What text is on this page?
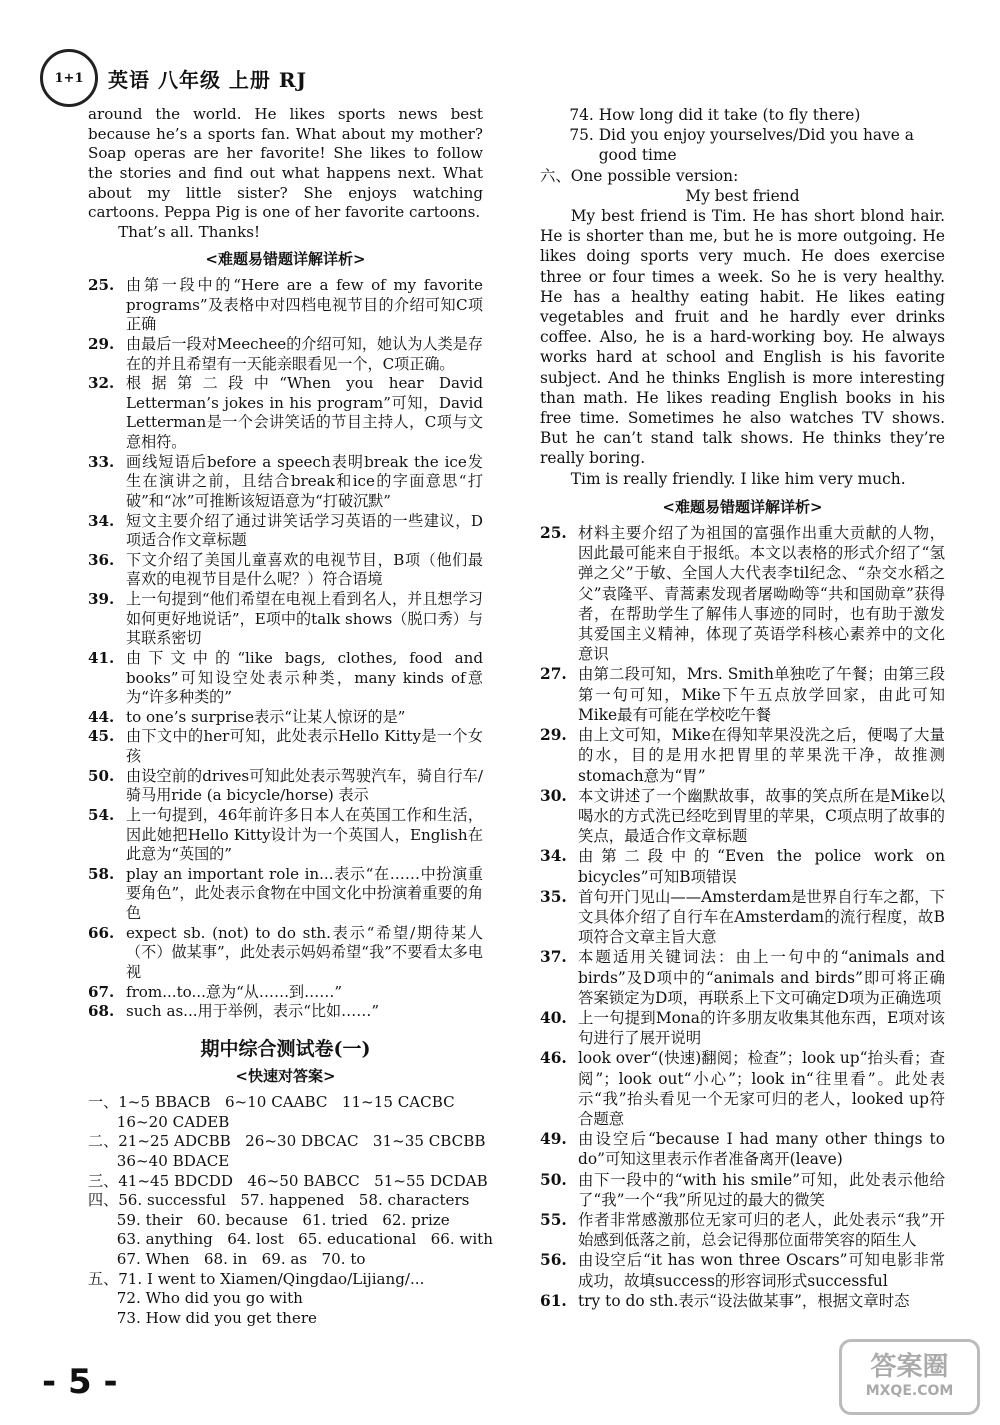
1+1	英语 八年级 上册 RJ

around the world. He likes sports news best because he’s a sports fan. What about my mother? Soap operas are her favorite! She likes to follow the stories and find out what happens next. What about my little sister? She enjoys watching cartoons. Peppa Pig is one of her favorite cartoons.

That’s all. Thanks!

<难题易错题详解详析>
25. 由第一段中的“Here are a few of my favorite programs”及表格中对四档电视节目的介绍可知C项正确
29. 由最后一段对Meechee的介绍可知，她认为人类是存在的并且希望有一天能亲眼看见一个，C项正确。
32. 根据第二段中“When you hear David Letterman’s jokes in his program”可知，David Letterman是一个会讲笑话的节目主持人，C项与文意相符。
33. 画线短语后before a speech表明break the ice发生在演讲之前，且结合break和ice的字面意思“打破”和“冰”可推断该短语意为“打破沉默”
34. 短文主要介绍了通过讲笑话学习英语的一些建议，D项适合作文章标题
36. 下文介绍了美国儿童喜欢的电视节目，B项（他们最喜欢的电视节目是什么呢？）符合语境
39. 上一句提到“他们希望在电视上看到名人，并且想学习如何更好地说话”，E项中的talk shows（脱口秀）与其联系密切
41. 由下文中的“like bags, clothes, food and books”可知设空处表示种类，many kinds of意为“许多种类的”
44. to one’s surprise表示“让某人惊讶的是”
45. 由下文中的her可知，此处表示Hello Kitty是一个女孩
50. 由设空前的drives可知此处表示驾驶汽车，骑自行车/骑马用ride (a bicycle/horse) 表示
54. 上一句提到，46年前许多日本人在英国工作和生活，因此她把Hello Kitty设计为一个英国人，English在此意为“英国的”
58. play an important role in...表示“在……中扮演重要角色”，此处表示食物在中国文化中扮演着重要的角色
66. expect sb. (not) to do sth.表示“希望/期待某人（不）做某事”，此处表示妈妈希望“我”不要看太多电视
67. from...to...意为“从……到……”
68. such as...用于举例，表示“比如……”
期中综合测试卷(一)
<快速对答案>
一、1~5 BBACB   6~10 CAABC   11~15 CACBC
16~20 CADEB
二、21~25 ADCBB   26~30 DBCAC   31~35 CBCBB
36~40 BDACE
三、41~45 BDCDD   46~50 BABCC   51~55 DCDAB
四、56. successful   57. happened   58. characters
59. their   60. because   61. tried   62. prize
63. anything   64. lost   65. educational   66. with
67. When   68. in   69. as   70. to
五、71. I went to Xiamen/Qingdao/Lijiang/...
72. Who did you go with
73. How did you get there
74. How long did it take (to fly there)
75. Did you enjoy yourselves/Did you have a
good time

六、One possible version:

My best friend

My best friend is Tim. He has short blond hair. He is shorter than me, but he is more outgoing. He likes doing sports very much. He does exercise three or four times a week. So he is very healthy. He has a healthy eating habit. He likes eating vegetables and fruit and he hardly ever drinks coffee. Also, he is a hard-working boy. He always works hard at school and English is his favorite subject. And he thinks English is more interesting than math. He likes reading English books in his free time. Sometimes he also watches TV shows. But he can’t stand talk shows. He thinks they’re really boring.

Tim is really friendly. I like him very much.

<难题易错题详解详析>
25. 材料主要介绍了为祖国的富强作出重大贡献的人物，因此最可能来自于报纸。本文以表格的形式介绍了“氢弹之父”于敏、全国人大代表李til纪念、“杂交水稻之父”袁隆平、青蒿素发现者屠呦呦等“共和国勋章”获得者，在帮助学生了解伟人事迹的同时，也有助于激发其爱国主义精神，体现了英语学科核心素养中的文化意识
27. 由第二段可知，Mrs. Smith单独吃了午餐；由第三段第一句可知，Mike下午五点放学回家，由此可知Mike最有可能在学校吃午餐
29. 由上文可知，Mike在得知苹果没洗之后，便喝了大量的水，目的是用水把胃里的苹果洗干净，故推测stomach意为“胃”
30. 本文讲述了一个幽默故事，故事的笑点所在是Mike以喝水的方式洗已经吃到胃里的苹果，C项点明了故事的笑点，最适合作文章标题
34. 由第二段中的“Even the police work on bicycles”可知B项错误
35. 首句开门见山——Amsterdam是世界自行车之都，下文具体介绍了自行车在Amsterdam的流行程度，故B项符合文章主旨大意
37. 本题适用关键词法：由上一句中的“animals and birds”及D项中的“animals and birds”即可将正确答案锁定为D项，再联系上下文可确定D项为正确选项
40. 上一句提到Mona的许多朋友收集其他东西，E项对该句进行了展开说明
46. look over“(快速)翻阅；检查”；look up“抬头看；查阅”；look out“小心”；look in“往里看”。此处表示“我”抬头看见一个无家可归的老人，looked up符合题意
49. 由设空后“because I had many other things to do”可知这里表示作者准备离开(leave)
50. 由下一段中的“with his smile”可知，此处表示他给了“我”一个“我”所见过的最大的微笑
55. 作者非常感激那位无家可归的老人，此处表示“我”开始感到低落之前，总会记得那位面带笑容的陌生人
56. 由设空后“it has won three Oscars”可知电影非常成功，故填success的形容词形式successful
61. try to do sth.表示“设法做某事”，根据文章时态
- 5 -	答案圈
MXQE.COM
